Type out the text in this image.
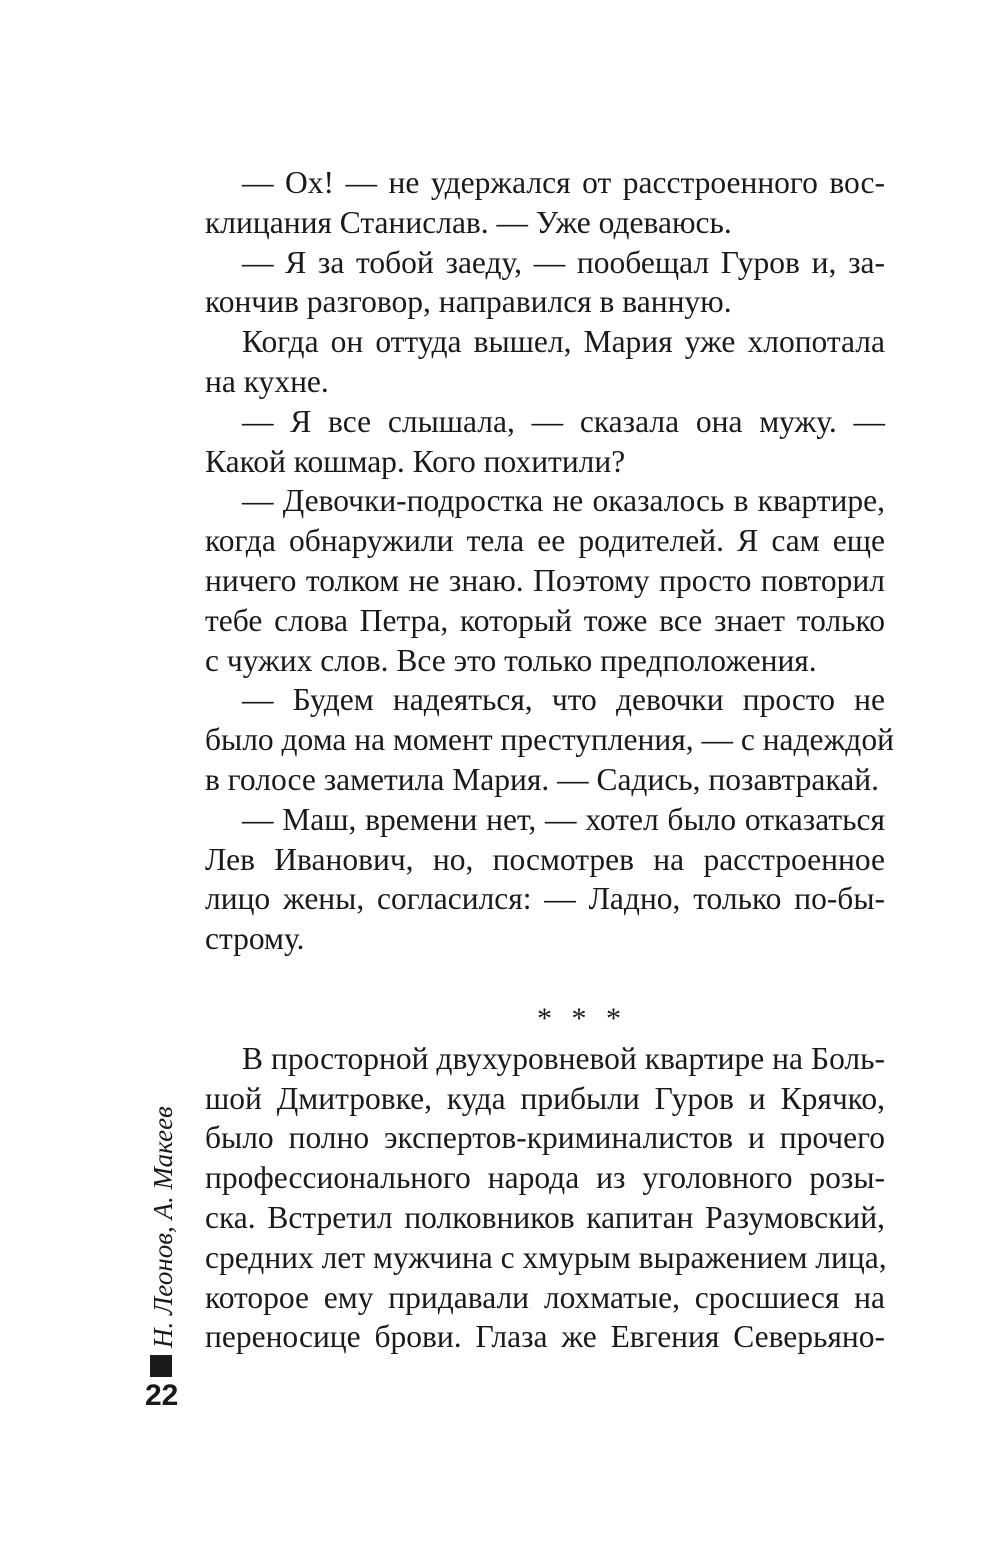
— Ох! — не удержался от расстроенного вос-
клицания Станислав. — Уже одеваюсь.
— Я за тобой заеду, — пообещал Гуров и, за-
кончив разговор, направился в ванную.
Когда он оттуда вышел, Мария уже хлопотала
на кухне.
— Я все слышала, — сказала она мужу. —
Какой кошмар. Кого похитили?
— Девочки-подростка не оказалось в квартире,
когда обнаружили тела ее родителей. Я сам еще
ничего толком не знаю. Поэтому просто повторил
тебе слова Петра, который тоже все знает только
с чужих слов. Все это только предположения.
— Будем надеяться, что девочки просто не
было дома на момент преступления, — с надеждой
в голосе заметила Мария. — Садись, позавтракай.
— Маш, времени нет, — хотел было отказаться
Лев Иванович, но, посмотрев на расстроенное
лицо жены, согласился: — Ладно, только по-бы-
строму.
* * *
В просторной двухуровневой квартире на Боль-
шой Дмитровке, куда прибыли Гуров и Крячко,
было полно экспертов-криминалистов и прочего
профессионального народа из уголовного розы-
ска. Встретил полковников капитан Разумовский,
средних лет мужчина с хмурым выражением лица,
которое ему придавали лохматые, сросшиеся на
переносице брови. Глаза же Евгения Северьяно-
Н. Леонов, А. Макеев
22
